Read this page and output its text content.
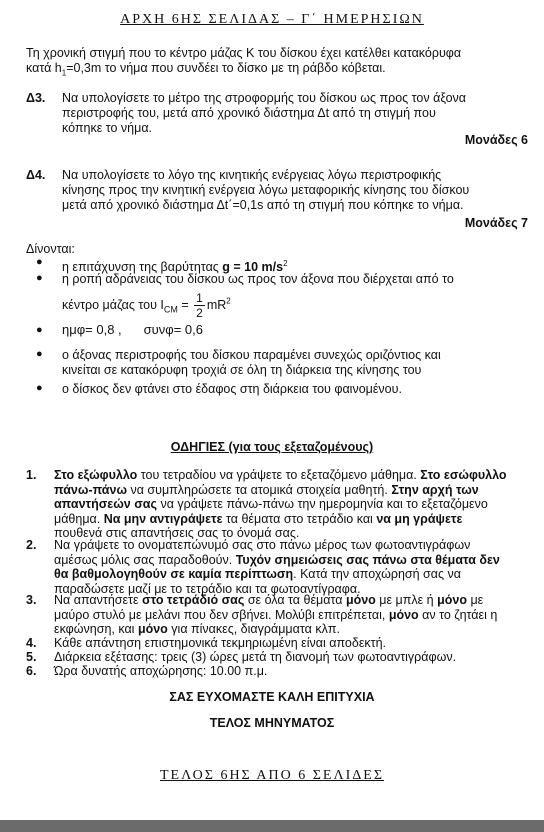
ΑΡΧΗ 6ΗΣ ΣΕΛΙΔΑΣ – Γ΄ ΗΜΕΡΗΣΙΩΝ
Τη χρονική στιγμή που το κέντρο μάζας Κ του δίσκου έχει κατέλθει κατακόρυφα
κατά $h_1=0,3m$ το νήμα που συνδέει το δίσκο με τη ράβδο κόβεται.
Δ3. Να υπολογίσετε το μέτρο της στροφορμής του δίσκου ως προς τον άξονα
περιστροφής του, μετά από χρονικό διάστημα Δt από τη στιγμή που
κόπηκε το νήμα.
Μονάδες 6
Δ4. Να υπολογίσετε το λόγο της κινητικής ενέργειας λόγω περιστροφικής
κίνησης προς την κινητική ενέργεια λόγω μεταφορικής κίνησης του δίσκου
μετά από χρονικό διάστημα Δt΄=0,1s από τη στιγμή που κόπηκε το νήμα.
Μονάδες 7
Δίνονται:
● η επιτάχυνση της βαρύτητας g = 10 $m/s^2$
● η ροπή αδράνειας του δίσκου ως προς τον άξονα που διέρχεται από το
κέντρο μάζας του $I_{CM} = \frac{1}{2} mR^2$
● ημφ= 0,8 , συνφ= 0,6
● ο άξονας περιστροφής του δίσκου παραμένει συνεχώς οριζόντιος και
κινείται σε κατακόρυφη τροχιά σε όλη τη διάρκεια της κίνησης του
● ο δίσκος δεν φτάνει στο έδαφος στη διάρκεια του φαινομένου.
ΟΔΗΓΙΕΣ (για τους εξεταζομένους)
1. Στο εξώφυλλο του τετραδίου να γράψετε το εξεταζόμενο μάθημα. Στο εσώφυλλο
πάνω-πάνω να συμπληρώσετε τα ατομικά στοιχεία μαθητή. Στην αρχή των
απαντήσεών σας να γράψετε πάνω-πάνω την ημερομηνία και το εξεταζόμενο
μάθημα. Να μην αντιγράψετε τα θέματα στο τετράδιο και να μη γράψετε
πουθενά στις απαντήσεις σας το όνομά σας.
2. Να γράψετε το ονοματεπώνυμό σας στο πάνω μέρος των φωτοαντιγράφων
αμέσως μόλις σας παραδοθούν. Τυχόν σημειώσεις σας πάνω στα θέματα δεν
θα βαθμολογηθούν σε καμία περίπτωση. Κατά την αποχώρησή σας να
παραδώσετε μαζί με το τετράδιο και τα φωτοαντίγραφα.
3. Να απαντήσετε στο τετράδιό σας σε όλα τα θέματα μόνο με μπλε ή μόνο με
μαύρο στυλό με μελάνι που δεν σβήνει. Μολύβι επιτρέπεται, μόνο αν το ζητάει η
εκφώνηση, και μόνο για πίνακες, διαγράμματα κλπ.
4. Κάθε απάντηση επιστημονικά τεκμηριωμένη είναι αποδεκτή.
5. Διάρκεια εξέτασης: τρεις (3) ώρες μετά τη διανομή των φωτοαντιγράφων.
6. Ώρα δυνατής αποχώρησης: 10.00 π.μ.
ΣΑΣ ΕΥΧΟΜΑΣΤΕ ΚΑΛΗ ΕΠΙΤΥΧΙΑ
ΤΕΛΟΣ ΜΗΝΥΜΑΤΟΣ
ΤΕΛΟΣ 6ΗΣ ΑΠΟ 6 ΣΕΛΙΔΕΣ
